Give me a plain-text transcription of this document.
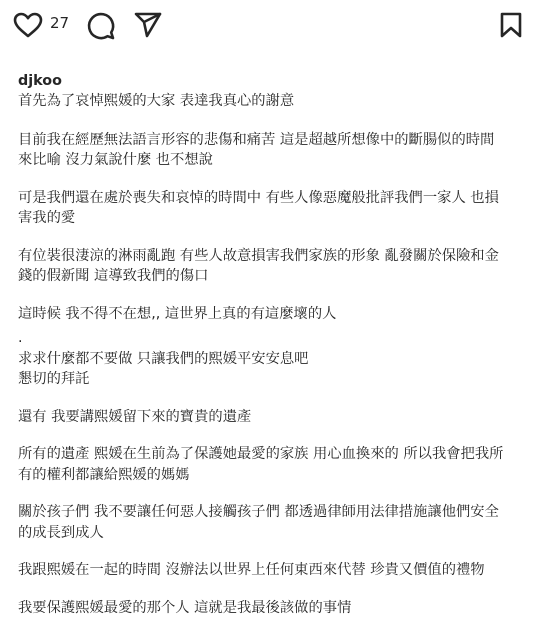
27

djkoo
首先為了哀悼熙媛的大家 表達我真心的謝意

目前我在經歷無法語言形容的悲傷和痛苦 這是超越所想像中的斷腸似的時間
來比喻 沒力氣說什麼 也不想說

可是我們還在處於喪失和哀悼的時間中 有些人像惡魔般批評我們一家人 也損
害我的愛

有位裝很淒涼的淋雨亂跑 有些人故意損害我們家族的形象 亂發關於保險和金
錢的假新聞 這導致我們的傷口

這時候 我不得不在想,, 這世界上真的有這麼壞的人

.

求求什麼都不要做 只讓我們的熙媛平安安息吧
懇切的拜託

還有 我要講熙媛留下來的寶貴的遺產

所有的遺產 熙媛在生前為了保護她最愛的家族 用心血換來的 所以我會把我所
有的權利都讓給熙媛的媽媽

關於孩子們 我不要讓任何惡人接觸孩子們 都透過律師用法律措施讓他們安全
的成長到成人

我跟熙媛在一起的時間 沒辦法以世界上任何東西來代替 珍貴又價值的禮物

我要保護熙媛最愛的那个人 這就是我最後該做的事情
